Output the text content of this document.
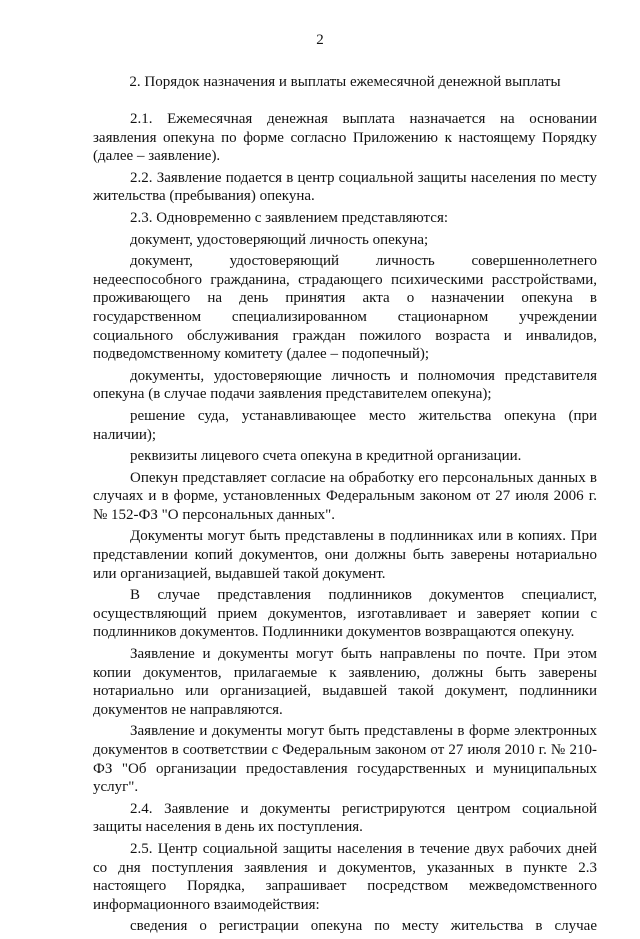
2
2. Порядок назначения и выплаты ежемесячной денежной выплаты

2.1. Ежемесячная денежная выплата назначается на основании заявления опекуна по форме согласно Приложению к настоящему Порядку (далее – заявление).

2.2. Заявление подается в центр социальной защиты населения по месту жительства (пребывания) опекуна.

2.3. Одновременно с заявлением представляются:

документ, удостоверяющий личность опекуна;

документ, удостоверяющий личность совершеннолетнего недееспособного гражданина, страдающего психическими расстройствами, проживающего на день принятия акта о назначении опекуна в государственном специализированном стационарном учреждении социального обслуживания граждан пожилого возраста и инвалидов, подведомственному комитету (далее – подопечный);

документы, удостоверяющие личность и полномочия представителя опекуна (в случае подачи заявления представителем опекуна);

решение суда, устанавливающее место жительства опекуна (при наличии);

реквизиты лицевого счета опекуна в кредитной организации.

Опекун представляет согласие на обработку его персональных данных в случаях и в форме, установленных Федеральным законом от 27 июля 2006 г. № 152-ФЗ "О персональных данных".

Документы могут быть представлены в подлинниках или в копиях. При представлении копий документов, они должны быть заверены нотариально или организацией, выдавшей такой документ.

В случае представления подлинников документов специалист, осуществляющий прием документов, изготавливает и заверяет копии с подлинников документов. Подлинники документов возвращаются опекуну.

Заявление и документы могут быть направлены по почте. При этом копии документов, прилагаемые к заявлению, должны быть заверены нотариально или организацией, выдавшей такой документ, подлинники документов не направляются.

Заявление и документы могут быть представлены в форме электронных документов в соответствии с Федеральным законом от 27 июля 2010 г. № 210-ФЗ "Об организации предоставления государственных и муниципальных услуг".

2.4. Заявление и документы регистрируются центром социальной защиты населения в день их поступления.

2.5. Центр социальной защиты населения в течение двух рабочих дней со дня поступления заявления и документов, указанных в пункте 2.3 настоящего Порядка, запрашивает посредством межведомственного информационного взаимодействия:

сведения о регистрации опекуна по месту жительства в случае
